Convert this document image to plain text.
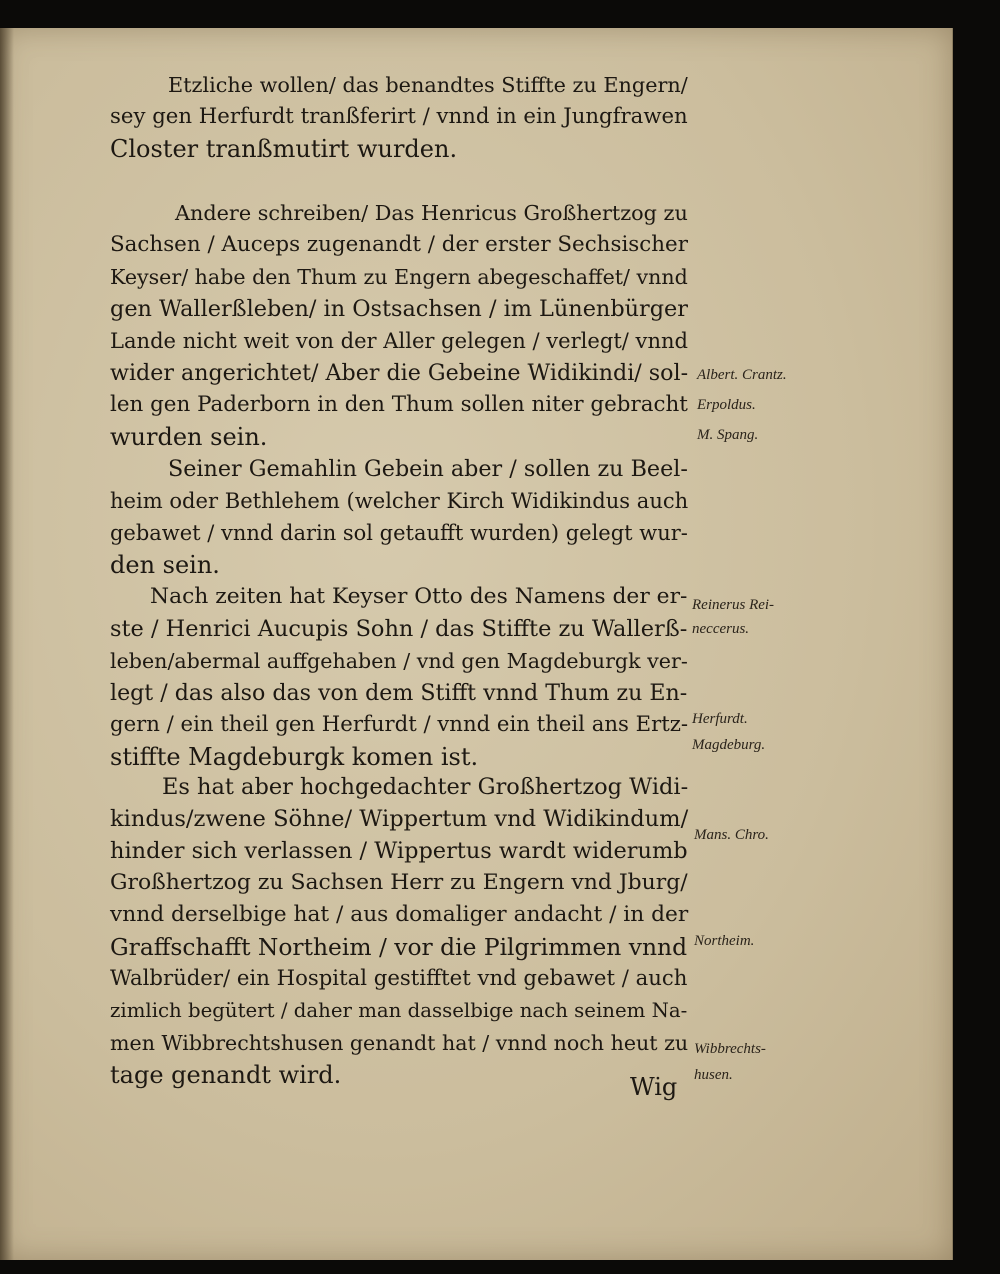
Etzliche wollen/ das benandtes Stiffte zu Engern/
sey gen Herfurdt tranßferirt / vnnd in ein Jungfrawen
Closter tranßmutirt wurden.
Andere schreiben/ Das Henricus Großhertzog zu
Sachsen / Auceps zugenandt / der erster Sechsischer
Keyser/ habe den Thum zu Engern abegeschaffet/ vnnd
gen Wallerßleben/ in Ostsachsen / im Lünenbürger
Lande nicht weit von der Aller gelegen / verlegt/ vnnd
wider angerichtet/ Aber die Gebeine Widikindi/ sol-
len gen Paderborn in den Thum sollen niter gebracht
wurden sein.
Seiner Gemahlin Gebein aber / sollen zu Beel-
heim oder Bethlehem (welcher Kirch Widikindus auch
gebawet / vnnd darin sol getaufft wurden) gelegt wur-
den sein.
Nach zeiten hat Keyser Otto des Namens der er-
ste / Henrici Aucupis Sohn / das Stiffte zu Wallerß-
leben/abermal auffgehaben / vnd gen Magdeburgk ver-
legt / das also das von dem Stifft vnnd Thum zu En-
gern / ein theil gen Herfurdt / vnnd ein theil ans Ertz-
stiffte Magdeburgk komen ist.
Es hat aber hochgedachter Großhertzog Widi-
kindus/zwene Söhne/ Wippertum vnd Widikindum/
hinder sich verlassen / Wippertus wardt widerumb
Großhertzog zu Sachsen Herr zu Engern vnd Jburg/
vnnd derselbige hat / aus domaliger andacht / in der
Graffschafft Northeim / vor die Pilgrimmen vnnd
Walbrüder/ ein Hospital gestifftet vnd gebawet / auch
zimlich begütert / daher man dasselbige nach seinem Na-
men Wibbrechtshusen genandt hat / vnnd noch heut zu
tage genandt wird.	Wig
Albert. Crantz.
Erpoldus.
M. Spang.
Reinerus Rei-
neccerus.
Herfurdt.
Magdeburg.
Mans. Chro.
Northeim.
Wibbrechts-
husen.
